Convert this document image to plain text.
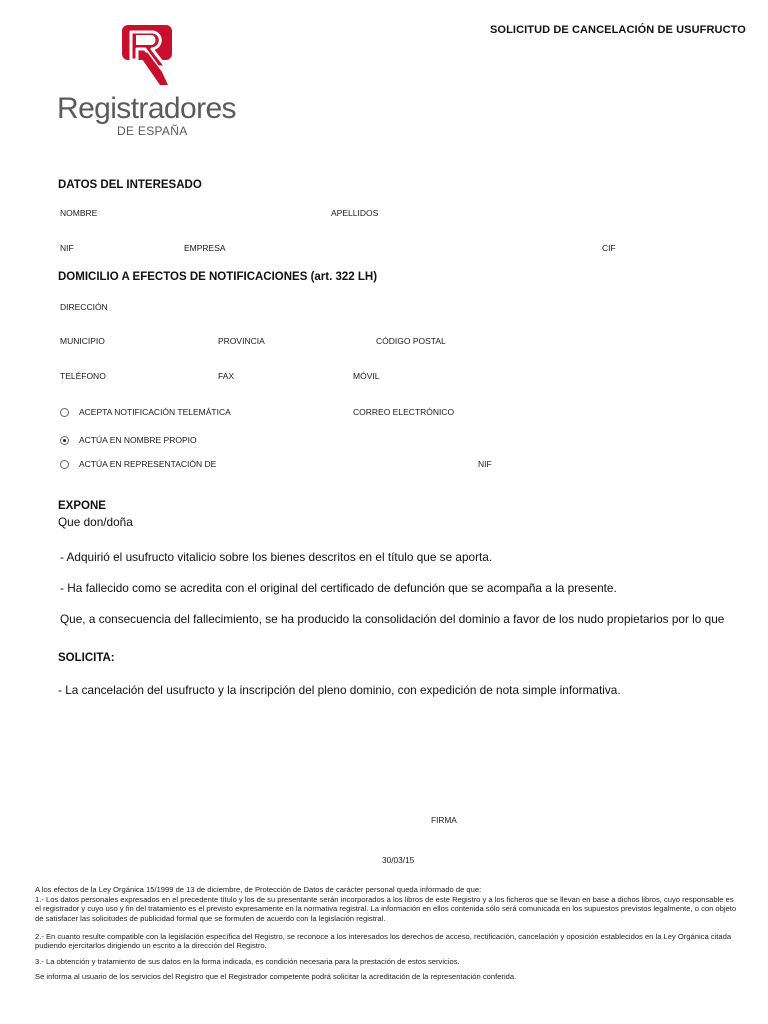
SOLICITUD DE CANCELACIÓN DE USUFRUCTO
Registradores
DE ESPAÑA
DATOS DEL INTERESADO
NOMBRE	APELLIDOS
NIF	EMPRESA	CIF
DOMICILIO A EFECTOS DE NOTIFICACIONES (art. 322 LH)
DIRECCIÓN
MUNICIPIO	PROVINCIA	CÓDIGO POSTAL
TELÉFONO	FAX	MÓVIL
ACEPTA NOTIFICACIÓN TELEMÁTICA	CORREO ELECTRÓNICO
ACTÚA EN NOMBRE PROPIO
ACTÚA EN REPRESENTACIÓN DE	NIF
EXPONE
Que don/doña
- Adquirió el usufructo vitalicio sobre los bienes descritos en el título que se aporta.
- Ha fallecido como se acredita con el original del certificado de defunción que se acompaña a la presente.
Que, a consecuencia del fallecimiento, se ha producido la consolidación del dominio a favor de los nudo propietarios por lo que
SOLICITA:
- La cancelación del usufructo y la inscripción del pleno dominio, con expedición de nota simple informativa.
FIRMA
30/03/15
A los efectos de la Ley Orgánica 15/1999 de 13 de diciembre, de Protección de Datos de carácter personal queda informado de que:
1.- Los datos personales expresados en el precedente título y los de su presentante serán incorporados a los libros de este Registro y a los ficheros que se llevan en base a dichos libros, cuyo responsable es el registrador y cuyo uso y fin del tratamiento es el previsto expresamente en la normativa registral. La información en ellos contenida sólo será comunicada en los supuestos previstos legalmente, o con objeto de satisfacer las solicitudes de publicidad formal que se formulen de acuerdo con la legislación registral.
2.- En cuanto resulte compatible con la legislación específica del Registro, se reconoce a los interesados los derechos de acceso, rectificación, cancelación y oposición establecidos en la Ley Orgánica citada pudiendo ejercitarlos dirigiendo un escrito a la dirección del Registro.
3.- La obtención y tratamiento de sus datos en la forma indicada, es condición necesaria para la prestación de estos servicios.
Se informa al usuario de los servicios del Registro que el Registrador competente podrá solicitar la acreditación de la representación conferida.
